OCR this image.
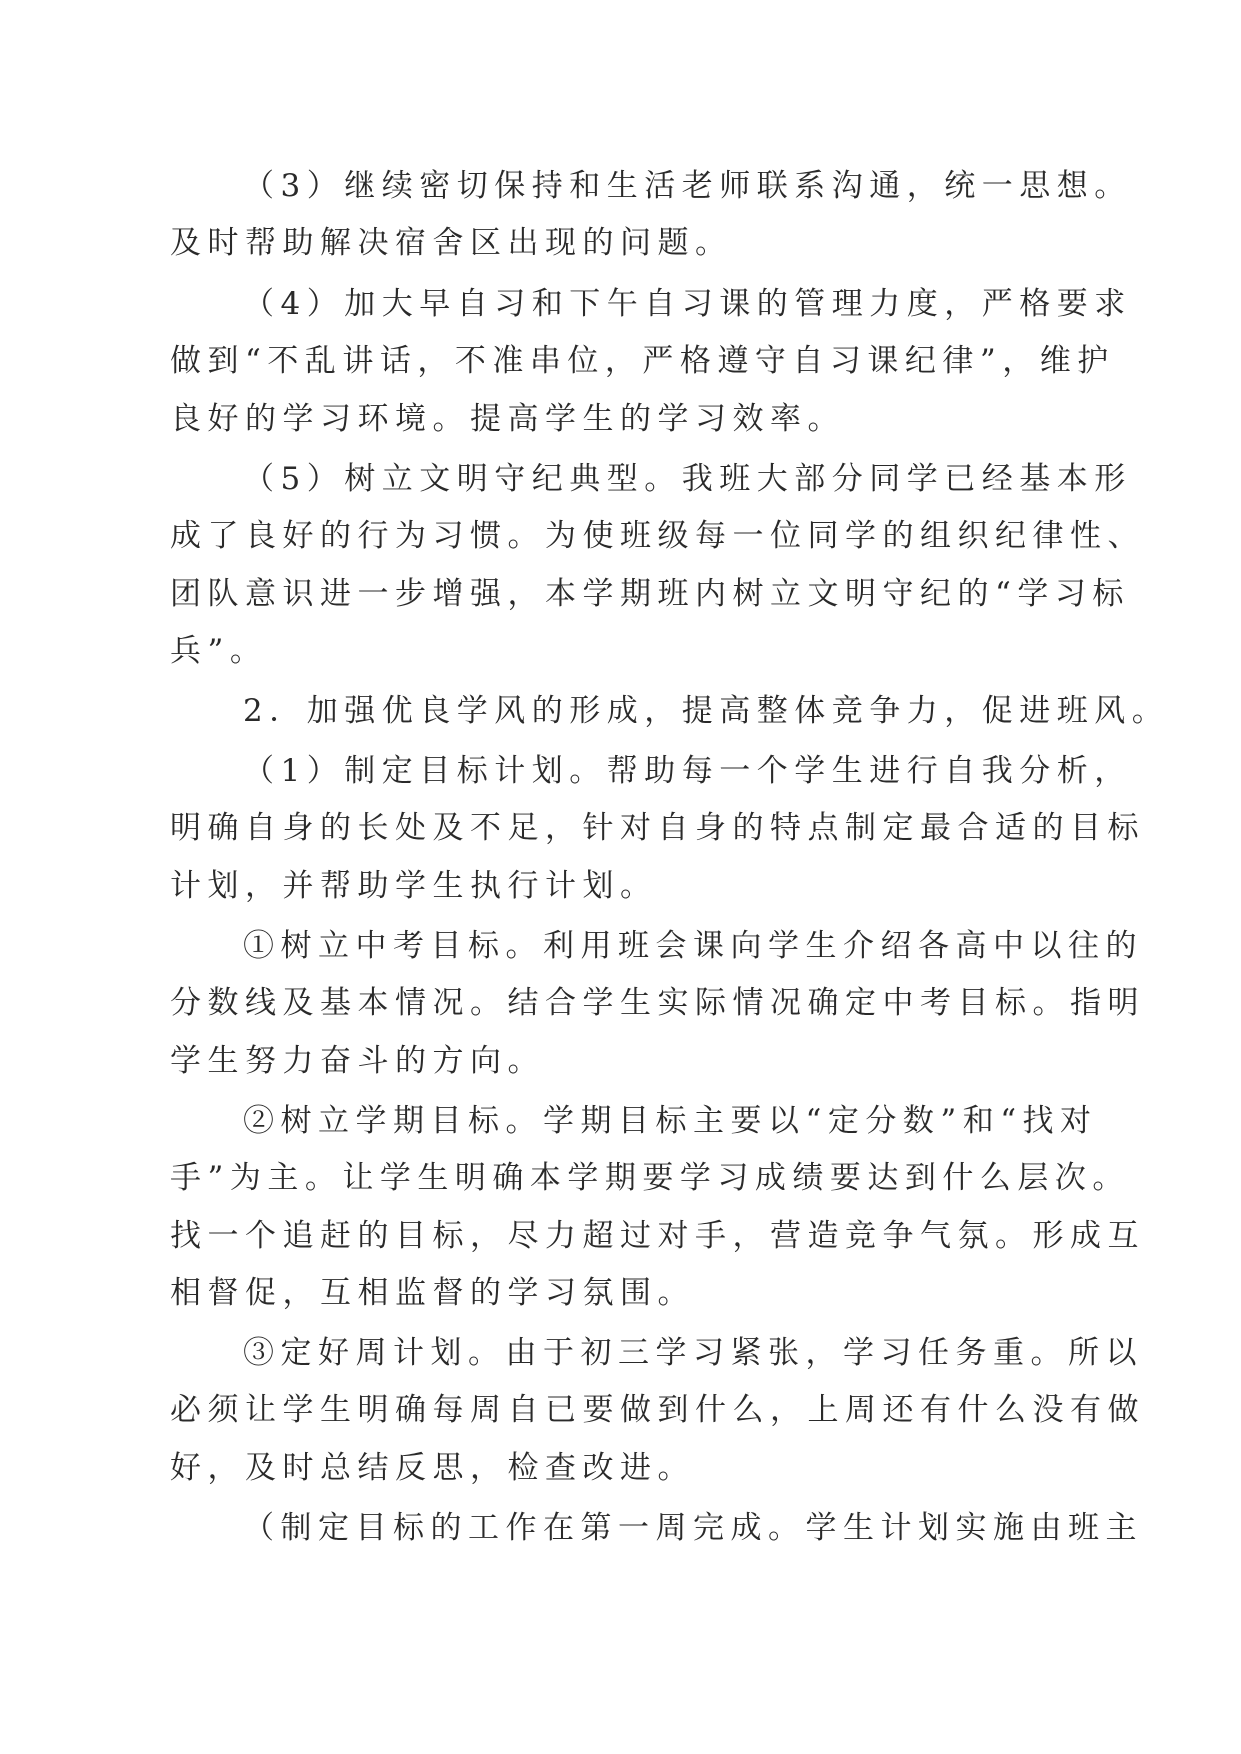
（3）继续密切保持和生活老师联系沟通，统一思想。

及时帮助解决宿舍区出现的问题。

（4）加大早自习和下午自习课的管理力度，严格要求

做到“不乱讲话，不准串位，严格遵守自习课纪律”，维护

良好的学习环境。提高学生的学习效率。

（5）树立文明守纪典型。我班大部分同学已经基本形

成了良好的行为习惯。为使班级每一位同学的组织纪律性、

团队意识进一步增强，本学期班内树立文明守纪的“学习标

兵”。

2．加强优良学风的形成，提高整体竞争力，促进班风。

（1）制定目标计划。帮助每一个学生进行自我分析，

明确自身的长处及不足，针对自身的特点制定最合适的目标

计划，并帮助学生执行计划。

①树立中考目标。利用班会课向学生介绍各高中以往的

分数线及基本情况。结合学生实际情况确定中考目标。指明

学生努力奋斗的方向。

②树立学期目标。学期目标主要以“定分数”和“找对

手”为主。让学生明确本学期要学习成绩要达到什么层次。

找一个追赶的目标，尽力超过对手，营造竞争气氛。形成互

相督促，互相监督的学习氛围。

③定好周计划。由于初三学习紧张，学习任务重。所以

必须让学生明确每周自已要做到什么，上周还有什么没有做

好，及时总结反思，检查改进。

（制定目标的工作在第一周完成。学生计划实施由班主
